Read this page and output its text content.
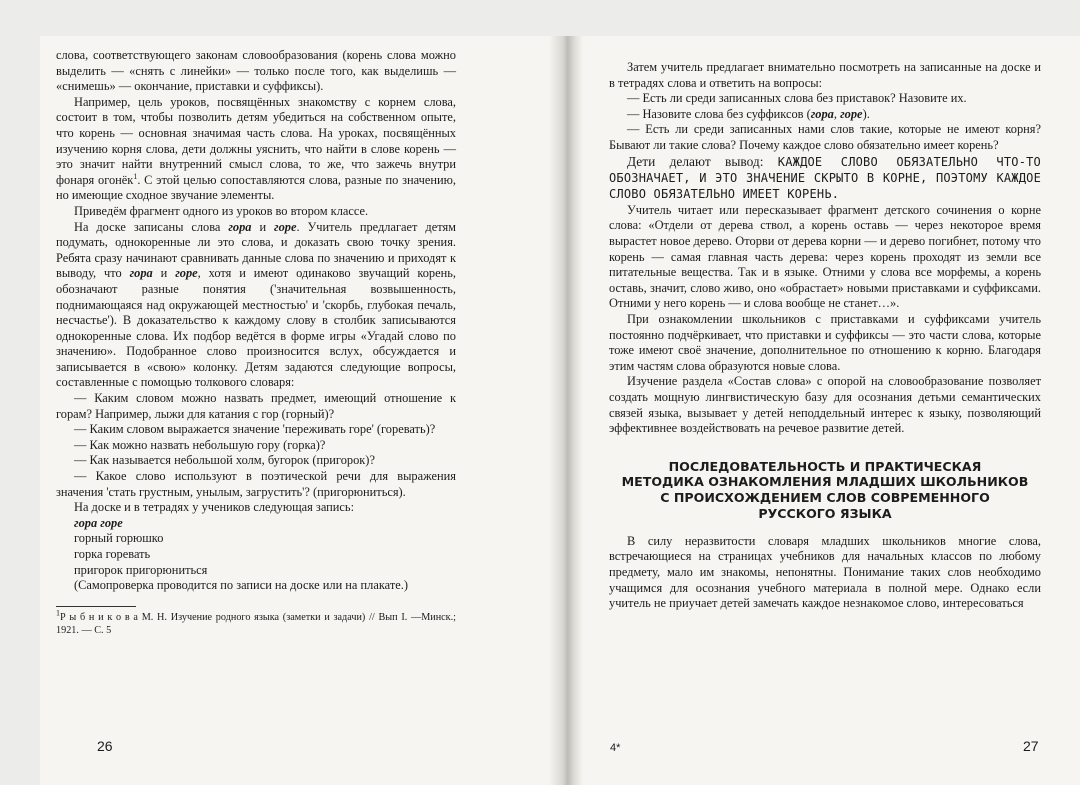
слова, соответствующего законам словообразования (корень слова можно выделить — «снять с линейки» — только после того, как выделишь — «снимешь» — окончание, приставки и суффиксы).

Например, цель уроков, посвящённых знакомству с корнем слова, состоит в том, чтобы позволить детям убедиться на собственном опыте, что корень — основная значимая часть слова. На уроках, посвящённых изучению корня слова, дети должны уяснить, что найти в слове корень — это значит найти внутренний смысл слова, то же, что зажечь внутри фонаря огонёк$^1$. С этой целью сопоставляются слова, разные по значению, но имеющие сходное звучание элементы.

Приведём фрагмент одного из уроков во втором классе.

На доске записаны слова гора и горе. Учитель предлагает детям подумать, однокоренные ли это слова, и доказать свою точку зрения. Ребята сразу начинают сравнивать данные слова по значению и приходят к выводу, что гора и горе, хотя и имеют одинаково звучащий корень, обозначают разные понятия ('значительная возвышенность, поднимающаяся над окружающей местностью' и 'скорбь, глубокая печаль, несчастье'). В доказательство к каждому слову в столбик записываются однокоренные слова. Их подбор ведётся в форме игры «Угадай слово по значению». Подобранное слово произносится вслух, обсуждается и записывается в «свою» колонку. Детям задаются следующие вопросы, составленные с помощью толкового словаря:

— Каким словом можно назвать предмет, имеющий отношение к горам? Например, лыжи для катания с гор (горный)?

— Каким словом выражается значение 'переживать горе' (горевать)?

— Как можно назвать небольшую гору (горка)?

— Как называется небольшой холм, бугорок (пригорок)?

— Какое слово используют в поэтической речи для выражения значения 'стать грустным, унылым, загрустить'? (пригорюниться).

На доске и в тетрадях у учеников следующая запись:

гора горе

горный горюшко

горка горевать

пригорок пригорюниться

(Самопроверка проводится по записи на доске или на плакате.)

$^1$Р ы б н и к о в а М. Н. Изучение родного языка (заметки и задачи) // Вып I. —Минск.; 1921. — С. 5

26

Затем учитель предлагает внимательно посмотреть на записанные на доске и в тетрадях слова и ответить на вопросы:

— Есть ли среди записанных слова без приставок? Назовите их.

— Назовите слова без суффиксов (гора, горе).

— Есть ли среди записанных нами слов такие, которые не имеют корня? Бывают ли такие слова? Почему каждое слово обязательно имеет корень?

Дети делают вывод: КАЖДОЕ СЛОВО ОБЯЗАТЕЛЬНО ЧТО-ТО ОБОЗНАЧАЕТ, И ЭТО ЗНАЧЕНИЕ СКРЫТО В КОРНЕ, ПОЭТОМУ КАЖДОЕ СЛОВО ОБЯЗАТЕЛЬНО ИМЕЕТ КОРЕНЬ.

Учитель читает или пересказывает фрагмент детского сочинения о корне слова: «Отдели от дерева ствол, а корень оставь — через некоторое время вырастет новое дерево. Оторви от дерева корни — и дерево погибнет, потому что корень — самая главная часть дерева: через корень проходят из земли все питательные вещества. Так и в языке. Отними у слова все морфемы, а корень оставь, значит, слово живо, оно «обрастает» новыми приставками и суффиксами. Отними у него корень — и слова вообще не станет…».

При ознакомлении школьников с приставками и суффиксами учитель постоянно подчёркивает, что приставки и суффиксы — это части слова, которые тоже имеют своё значение, дополнительное по отношению к корню. Благодаря этим частям слова образуются новые слова.

Изучение раздела «Состав слова» с опорой на словообразование позволяет создать мощную лингвистическую базу для осознания детьми семантических связей языка, вызывает у детей неподдельный интерес к языку, позволяющий эффективнее воздействовать на речевое развитие детей.

ПОСЛЕДОВАТЕЛЬНОСТЬ И ПРАКТИЧЕСКАЯ
МЕТОДИКА ОЗНАКОМЛЕНИЯ МЛАДШИХ ШКОЛЬНИКОВ
С ПРОИСХОЖДЕНИЕМ СЛОВ СОВРЕМЕННОГО
РУССКОГО ЯЗЫКА

В силу неразвитости словаря младших школьников многие слова, встречающиеся на страницах учебников для начальных классов по любому предмету, мало им знакомы, непонятны. Понимание таких слов необходимо учащимся для осознания учебного материала в полной мере. Однако если учитель не приучает детей замечать каждое незнакомое слово, интересоваться

4*	27
